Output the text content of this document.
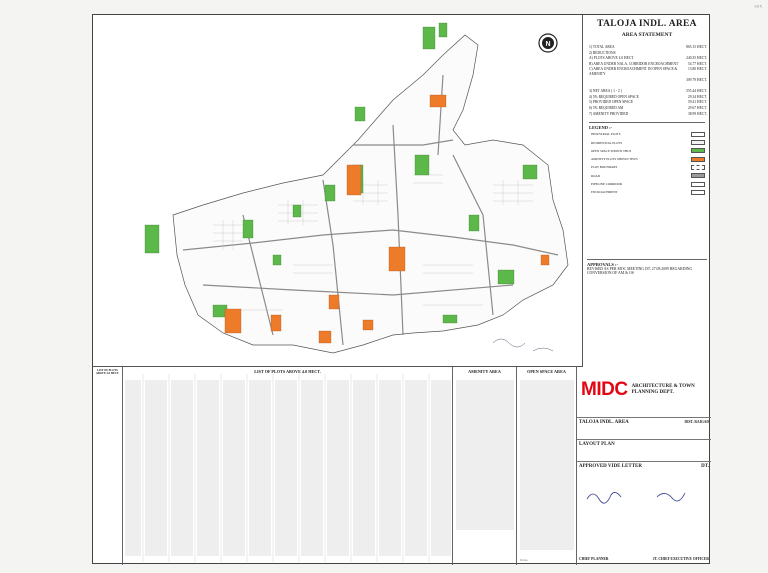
००९
N
TALOJA INDL. AREA
AREA STATEMENT
1) TOTAL AREA	865.15 HECT.
2) REDUCTIONS
A) PLOTS ABOVE 4.0 HECT.	240.35 HECT.
B) AREA UNDER NALA, CORRIDOR ENCROACHMENT	54.77 HECT.
C) AREA UNDER ENCROACHMENT IN OPEN SPACE & AMENITY
13.80 HECT.
309.79 HECT.
3) NET AREA ( 1 - 2 )	555.44 HECT.
4) 5% REQUIRED OPEN SPACE	29.34 HECT.
5) PROVIDED OPEN SPACE	59.41 HECT.
6) 5% REQUIRED AM	29.67 HECT.
7) AMENITY PROVIDED	38.99 HECT.
LEGEND :-
INDUSTRIAL PLOTS
RESIDENTIAL PLOTS
OPEN SPACE SHOWN THUS
AMENITY PLOTS SHOWN THUS
PLOT BOUNDARY
ROAD
PIPELINE CORRIDOR
ENCROACHMENT
APPROVALS :-
REVISED AS PER MOC MEETING DT. 27.08.2009 REGARDING CONVERSION OF AM & OS
LIST OF PLOTS ABOVE 4.0 HECT.	LIST OF PLOTS ABOVE 4.0 HECT.	AMENITY AREA	OPEN SPACE AREA
TOTAL
MIDC ARCHITECTURE & TOWN PLANNING DEPT.
TALOJA INDL. AREA	DIST. RAIGAD
LAYOUT PLAN
APPROVED VIDE LETTER	DT.
CHIEF PLANNER	JT. CHIEF EXECUTIVE OFFICER
